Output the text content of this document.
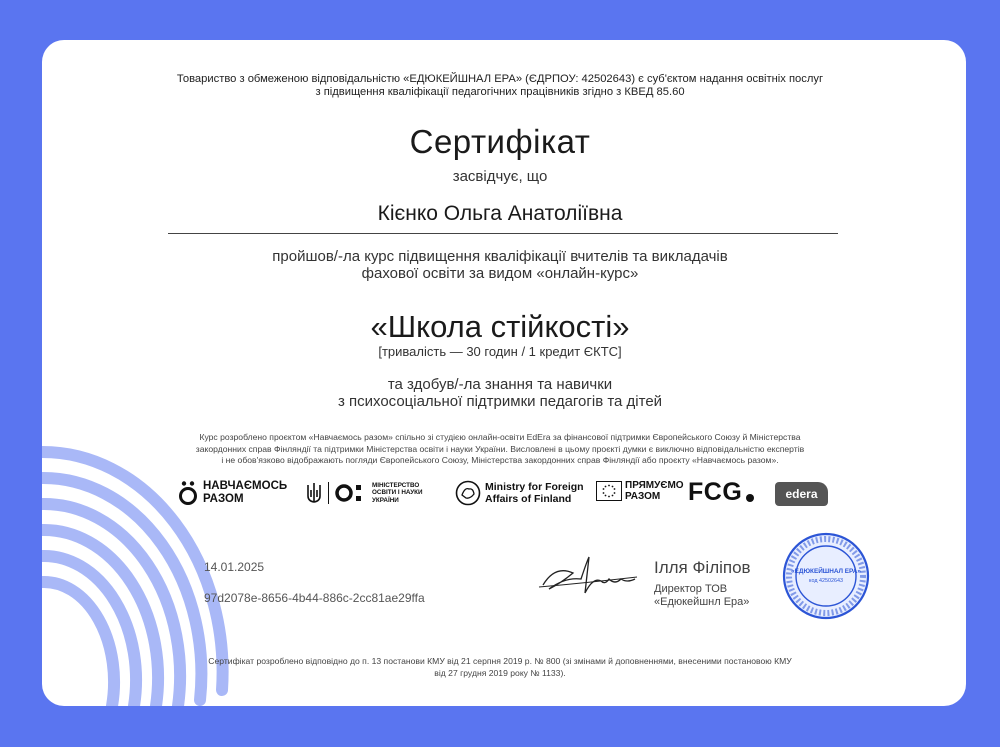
Товариство з обмеженою відповідальністю «ЕДЮКЕЙШНАЛ ЕРА» (ЄДРПОУ: 42502643) є суб'єктом надання освітніх послуг
з підвищення кваліфікації педагогічних працівників згідно з КВЕД 85.60

Сертифікат

засвідчує, що

Кієнко Ольга Анатоліївна

пройшов/-ла курс підвищення кваліфікації вчителів та викладачів
фахової освіти за видом «онлайн-курс»

«Школа стійкості»

[тривалість — 30 годин / 1 кредит ЄКТС]

та здобув/-ла знання та навички
з психосоціальної підтримки педагогів та дітей

Курс розроблено проєктом «Навчаємось разом» спільно зі студією онлайн-освіти EdEra за фінансової підтримки Європейського Союзу й Міністерства
закордонних справ Фінляндії та підтримки Міністерства освіти і науки України. Висловлені в цьому проєкті думки є виключно відповідальністю експертів
і не обов'язково відображають погляди Європейського Союзу, Міністерства закордонних справ Фінляндії або проєкту «Навчаємось разом».

НАВЧАЄМОСЬ
РАЗОМ
МІНІСТЕРСТВО
ОСВІТИ І НАУКИ
УКРАЇНИ
Ministry for Foreign
Affairs of Finland
ПРЯМУЄМО
РАЗОМ	FCG	edera
14.01.2025
97d2078e-8656-4b44-886c-2cc81ae29ffa
Ілля Філіпов
Директор ТОВ
«Едюкейшнл Ера»
«ЕДЮКЕЙШНАЛ ЕРА»
код 42502643

Сертифікат розроблено відповідно до п. 13 постанови КМУ від 21 серпня 2019 р. № 800 (зі змінами й доповненнями, внесеними постановою КМУ
від 27 грудня 2019 року № 1133).
